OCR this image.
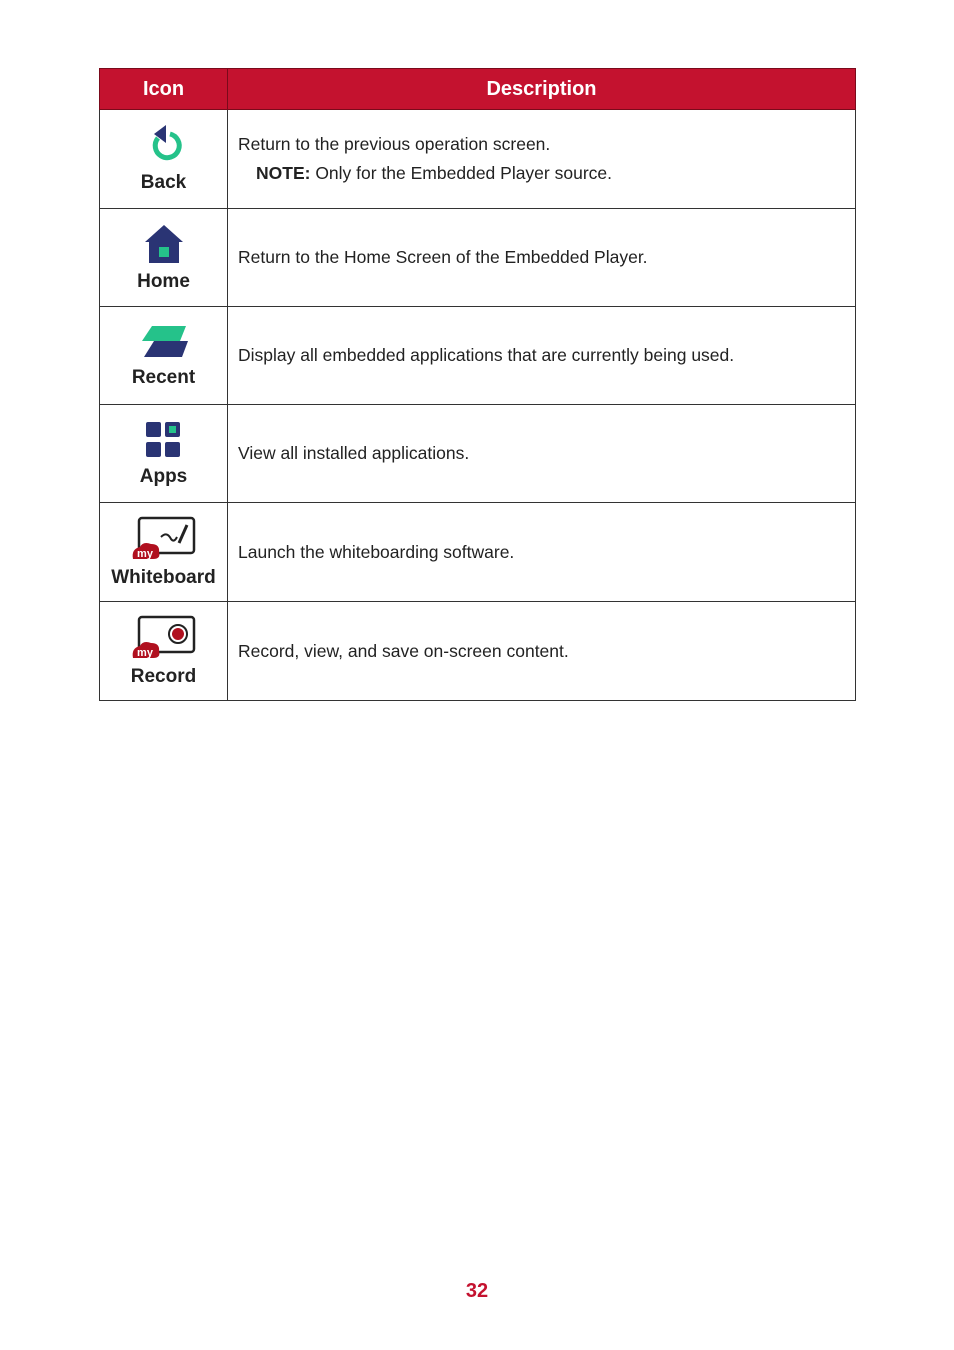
Icon	Description

Back	Return to the previous operation screen.
NOTE: Only for the Embedded Player source.

Home	Return to the Home Screen of the Embedded Player.

Recent	Display all embedded applications that are currently being used.

Apps	View all installed applications.

my
Whiteboard	Launch the whiteboarding software.

my
Record	Record, view, and save on-screen content.
32
